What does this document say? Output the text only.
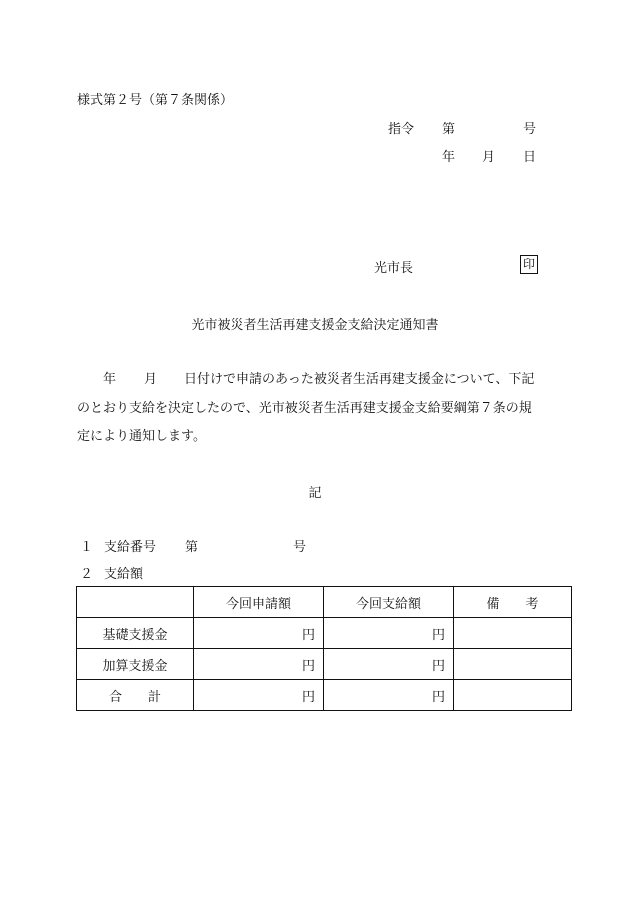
様式第２号（第７条関係）
指令 第	号
年 月 日
光市長	印
光市被災者生活再建支援金支給決定通知書
年 月 日付けで申請のあった被災者生活再建支援金について、下記
のとおり支給を決定したので、光市被災者生活再建支援金支給要綱第７条の規
定により通知します。
記
１ 支給番号 第	号
２ 支給額
	今回申請額	今回支給額	備　　考
基礎支援金	円	円	
加算支援金	円	円	
合　　計	円	円	
